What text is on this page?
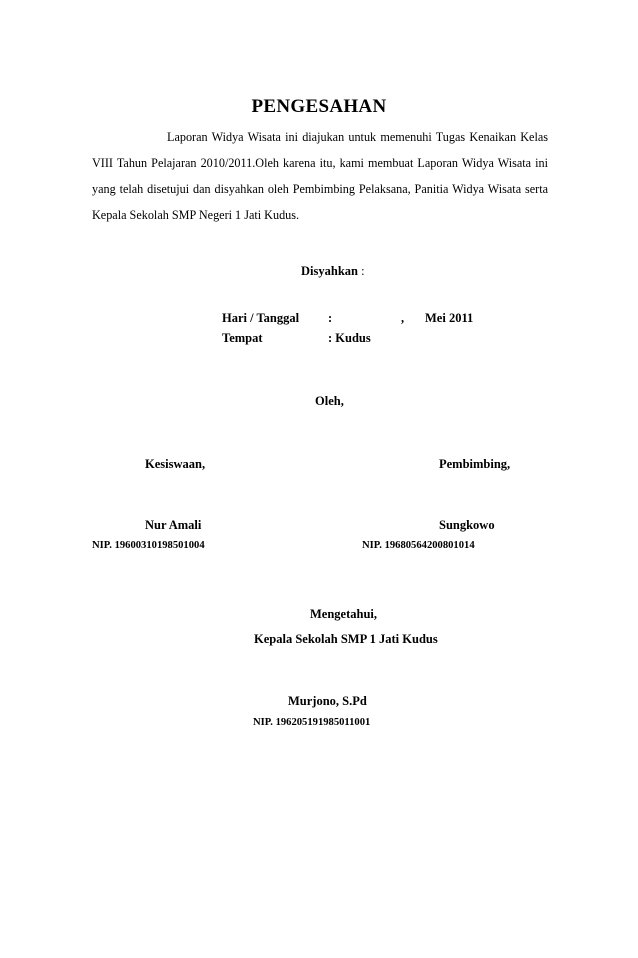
PENGESAHAN

Laporan Widya Wisata ini diajukan untuk memenuhi Tugas Kenaikan Kelas VIII Tahun Pelajaran 2010/2011.Oleh karena itu, kami membuat Laporan Widya Wisata ini yang telah disetujui dan disyahkan oleh Pembimbing Pelaksana, Panitia Widya Wisata serta Kepala Sekolah SMP Negeri 1 Jati Kudus.

Disyahkan :
Hari / Tanggal :	, Mei 2011
Tempat	: Kudus
Oleh,
Kesiswaan,	Pembimbing,
Nur Amali	Sungkowo
NIP. 19600310198501004	NIP. 19680564200801014
Mengetahui,
Kepala Sekolah SMP 1 Jati Kudus
Murjono, S.Pd
NIP. 196205191985011001
